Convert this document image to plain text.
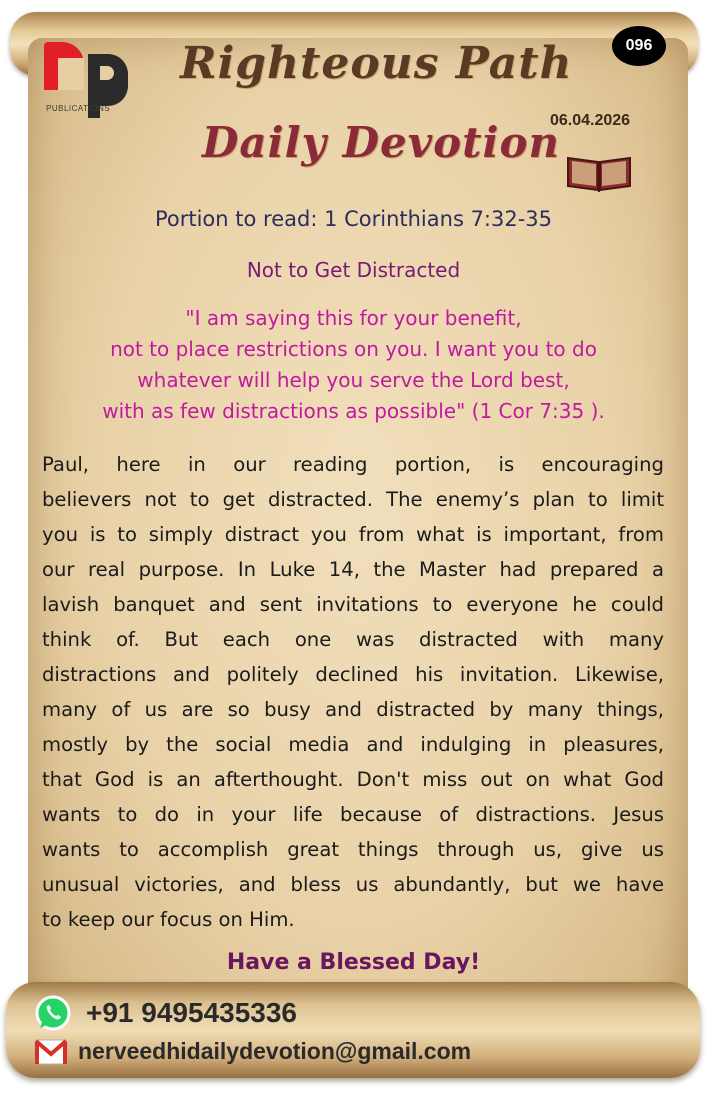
PUBLICATIONS
Righteous Path
Daily Devotion
096
06.04.2026
Portion to read: 1 Corinthians 7:32-35
Not to Get Distracted
"I am saying this for your benefit,
not to place restrictions on you. I want you to do
whatever will help you serve the Lord best,
with as few distractions as possible" (1 Cor 7:35 ).
Paul, here in our reading portion, is encouraging
believers not to get distracted. The enemy’s plan to limit
you is to simply distract you from what is important, from
our real purpose. In Luke 14, the Master had prepared a
lavish banquet and sent invitations to everyone he could
think of. But each one was distracted with many
distractions and politely declined his invitation. Likewise,
many of us are so busy and distracted by many things,
mostly by the social media and indulging in pleasures,
that God is an afterthought. Don't miss out on what God
wants to do in your life because of distractions. Jesus
wants to accomplish great things through us, give us
unusual victories, and bless us abundantly, but we have
to keep our focus on Him.
Have a Blessed Day!
+91 9495435336
nerveedhidailydevotion@gmail.com
